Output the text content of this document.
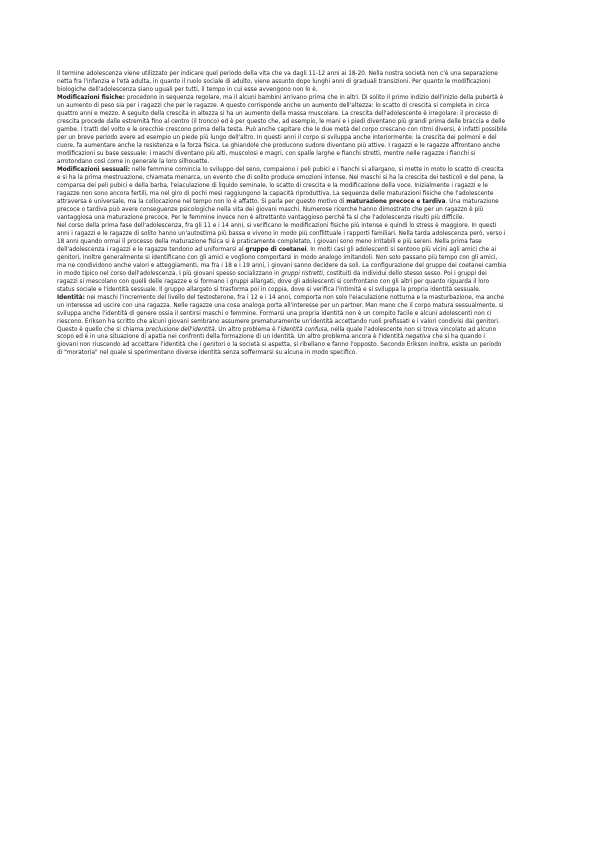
Il termine adolescenza viene utilizzato per indicare quel periodo della vita che va dagli 11-12 anni ai 18-20. Nella nostra società non c'è una separazione netta fra l'infanzia e l'età adulta, in quanto il ruolo sociale di adulto, viene assunto dopo lunghi anni di graduali transizioni. Per quanto le modificazioni biologiche dell'adolescenza siano uguali per tutti, il tempo in cui esse avvengono non lo è.

Modificazioni fisiche: procedono in sequenza regolare, ma il alcuni bambini arrivano prima che in altri. Di solito il primo indizio dell'inizio della pubertà è un aumento di peso sia per i ragazzi che per le ragazze. A questo corrisponde anche un aumento dell'altezza: lo scatto di crescita si completa in circa quattro anni e mezzo. A seguito della crescita in altezza si ha un aumento della massa muscolare. La crescita dell'adolescente è irregolare: il processo di crescita procede dalle estremità fino al centro (il tronco) ed è per questo che, ad esempio, le mani e i piedi diventano più grandi prima delle braccia e delle gambe. I tratti del volto e le orecchie crescono prima della testa. Può anche capitare che le due metà del corpo crescano con ritmi diversi, è infatti possibile per un breve periodo avere ad esempio un piede più lungo dell'altro. In questi anni il corpo si sviluppa anche interiormente: la crescita dei polmoni e del cuore, fa aumentare anche la resistenza e la forza fisica. Le ghiandole che producono sudore diventano più attive. I ragazzi e le ragazze affrontano anche modificazioni su base sessuale: i maschi diventano più alti, muscolosi e magri, con spalle larghe e fianchi stretti, mentre nelle ragazze i fianchi si arrotondano così come in generale la loro silhouette.

Modificazioni sessuali: nelle femmine comincia lo sviluppo del seno, compaiono i peli pubici e i fianchi si allargano, si mette in moto lo scatto di crescita e si ha la prima mestruazione, chiamata menarca, un evento che di solito produce emozioni intense. Nei maschi si ha la crescita dei testicoli e del pene, la comparsa dei peli pubici e della barba, l'eiaculazione di liquido seminale, lo scatto di crescita e la modificazione della voce. Inizialmente i ragazzi e le ragazze non sono ancora fertili, ma nel giro di pochi mesi raggiungono la capacità riproduttiva. La sequenza delle maturazioni fisiche che l'adolescente attraversa è universale, ma la collocazione nel tempo non lo è affatto. Si parla per questo motivo di maturazione precoce e tardiva. Una maturazione precoce o tardiva può avere conseguenze psicologiche nella vita dei giovani maschi. Numerose ricerche hanno dimostrato che per un ragazzo è più vantaggiosa una maturazione precoce. Per le femmine invece non è altrettanto vantaggioso perché fa sì che l'adolescenza risulti più difficile.

Nel corso della prima fase dell'adolescenza, fra gli 11 e i 14 anni, si verificano le modificazioni fisiche più intense e quindi lo stress è maggiore. In questi anni i ragazzi e le ragazze di solito hanno un'autostima più bassa e vivono in modo più conflittuale i rapporti familiari. Nella tarda adolescenza però, verso i 18 anni quando ormai il processo della maturazione fisica si è praticamente completato, i giovani sono meno irritabili e più sereni. Nella prima fase dell'adolescenza i ragazzi e le ragazze tendono ad uniformarsi al gruppo di coetanei. In molti casi gli adolescenti si sentono più vicini agli amici che ai genitori, inoltre generalmente si identificano con gli amici e vogliono comportarsi in modo analogo imitandoli. Non solo passano più tempo con gli amici, ma ne condividono anche valori e atteggiamenti, ma fra i 18 e i 19 anni, i giovani sanno decidere da soli. La configurazione del gruppo dei coetanei cambia in modo tipico nel corso dell'adolescenza. I più giovani spesso socializzano in gruppi ristretti, costituiti da individui dello stesso sesso. Poi i gruppi dei ragazzi si mescolano con quelli delle ragazze e si formano i gruppi allargati, dove gli adolescenti si confrontano con gli altri per quanto riguarda il loro status sociale e l'identità sessuale. Il gruppo allargato si trasforma poi in coppia, dove si verifica l'intimità e si sviluppa la propria identità sessuale.

Identità: nei maschi l'incremento del livello del testosterone, fra i 12 e i 14 anni, comporta non solo l'eiaculazione notturna e la masturbazione, ma anche un interesse ad uscire con una ragazza. Nelle ragazze una cosa analoga porta all'interesse per un partner. Man mano che il corpo matura sessualmente, si sviluppa anche l'identità di genere ossia il sentirsi maschi o femmine. Formarsi una propria identità non è un compito facile e alcuni adolescenti non ci riescono. Erikson ha scritto che alcuni giovani sembrano assumere prematuramente un'identità accettando ruoli prefissati e i valori condivisi dai genitori. Questo è quello che si chiama preclusione dell'identità. Un altro problema è l'identità confusa, nella quale l'adolescente non si trova vincolato ad alcuno scopo ed è in una situazione di apatia nei confronti della formazione di un identità. Un altro problema ancora è l'identità negativa che si ha quando i giovani non riuscendo ad accettare l'identità che i genitori o la società si aspetta, si ribellano e fanno l'opposto. Secondo Erikson inoltre, esiste un periodo di "moratoria" nel quale si sperimentano diverse identità senza soffermarsi su alcuna in modo specifico.
